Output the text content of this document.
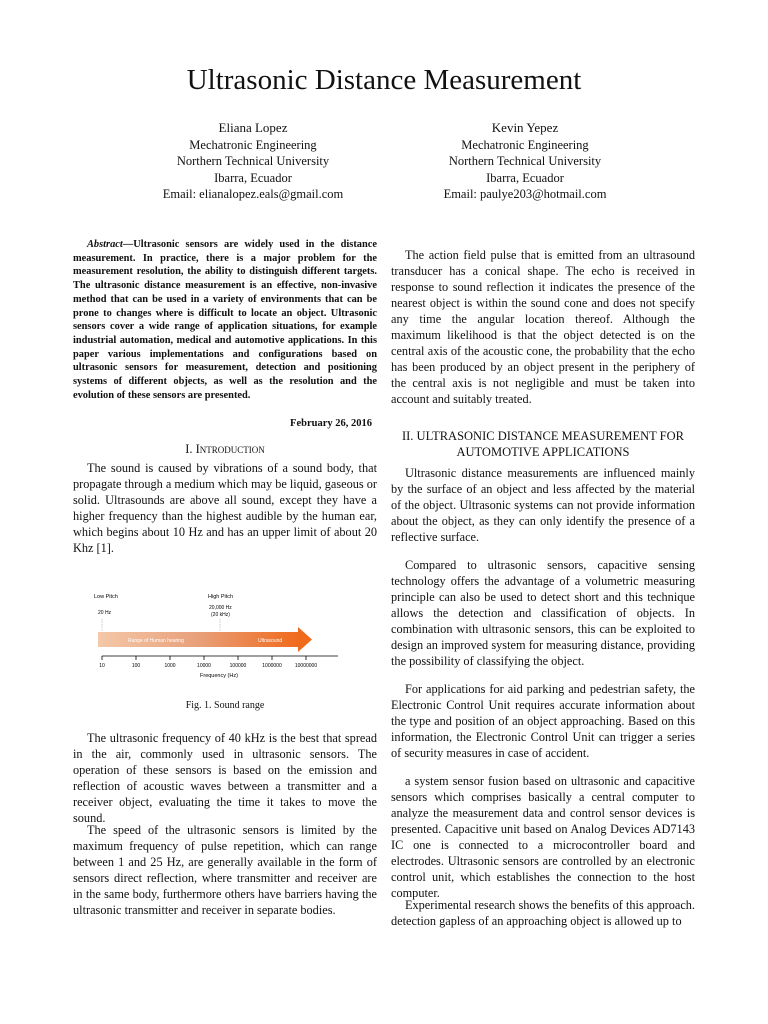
Ultrasonic Distance Measurement
Eliana Lopez
Mechatronic Engineering
Northern Technical University
Ibarra, Ecuador
Email: elianalopez.eals@gmail.com
Kevin Yepez
Mechatronic Engineering
Northern Technical University
Ibarra, Ecuador
Email: paulye203@hotmail.com

Abstract—Ultrasonic sensors are widely used in the distance measurement. In practice, there is a major problem for the measurement resolution, the ability to distinguish different targets. The ultrasonic distance measurement is an effective, non-invasive method that can be used in a variety of environments that can be prone to changes where is difficult to locate an object. Ultrasonic sensors cover a wide range of application situations, for example industrial automation, medical and automotive applications. In this paper various implementations and configurations based on ultrasonic sensors for measurement, detection and positioning systems of different objects, as well as the resolution and the evolution of these sensors are presented.

February 26, 2016
I. Introduction

The sound is caused by vibrations of a sound body, that propagate through a medium which may be liquid, gaseous or solid. Ultrasounds are above all sound, except they have a higher frequency than the highest audible by the human ear, which begins about 10 Hz and has an upper limit of about 20 Khz [1].

Low Pitch
20 Hz
High Pitch
20,000 Hz
(20 kHz)
Range of Human hearing	Ultrasound
10	100	1000	10000	100000	1000000	10000000
Frequency (Hz)
Fig. 1. Sound range

The ultrasonic frequency of 40 kHz is the best that spread in the air, commonly used in ultrasonic sensors. The operation of these sensors is based on the emission and reflection of acoustic waves between a transmitter and a receiver object, evaluating the time it takes to move the sound.

The speed of the ultrasonic sensors is limited by the maximum frequency of pulse repetition, which can range between 1 and 25 Hz, are generally available in the form of sensors direct reflection, where transmitter and receiver are in the same body, furthermore others have barriers having the ultrasonic transmitter and receiver in separate bodies.

The action field pulse that is emitted from an ultrasound transducer has a conical shape. The echo is received in response to sound reflection it indicates the presence of the nearest object is within the sound cone and does not specify any time the angular location thereof. Although the maximum likelihood is that the object detected is on the central axis of the acoustic cone, the probability that the echo has been produced by an object present in the periphery of the central axis is not negligible and must be taken into account and suitably treated.

II. ULTRASONIC DISTANCE MEASUREMENT FOR
AUTOMOTIVE APPLICATIONS

Ultrasonic distance measurements are influenced mainly by the surface of an object and less affected by the material of the object. Ultrasonic systems can not provide information about the object, as they can only identify the presence of a reflective surface.

Compared to ultrasonic sensors, capacitive sensing technology offers the advantage of a volumetric measuring principle can also be used to detect short and this technique allows the detection and classification of objects. In combination with ultrasonic sensors, this can be exploited to design an improved system for measuring distance, providing the possibility of classifying the object.

For applications for aid parking and pedestrian safety, the Electronic Control Unit requires accurate information about the type and position of an object approaching. Based on this information, the Electronic Control Unit can trigger a series of security measures in case of accident.

a system sensor fusion based on ultrasonic and capacitive sensors which comprises basically a central computer to analyze the measurement data and control sensor devices is presented. Capacitive unit based on Analog Devices AD7143 IC one is connected to a microcontroller board and electrodes. Ultrasonic sensors are controlled by an electronic control unit, which establishes the connection to the host computer.

Experimental research shows the benefits of this approach. detection gapless of an approaching object is allowed up to
